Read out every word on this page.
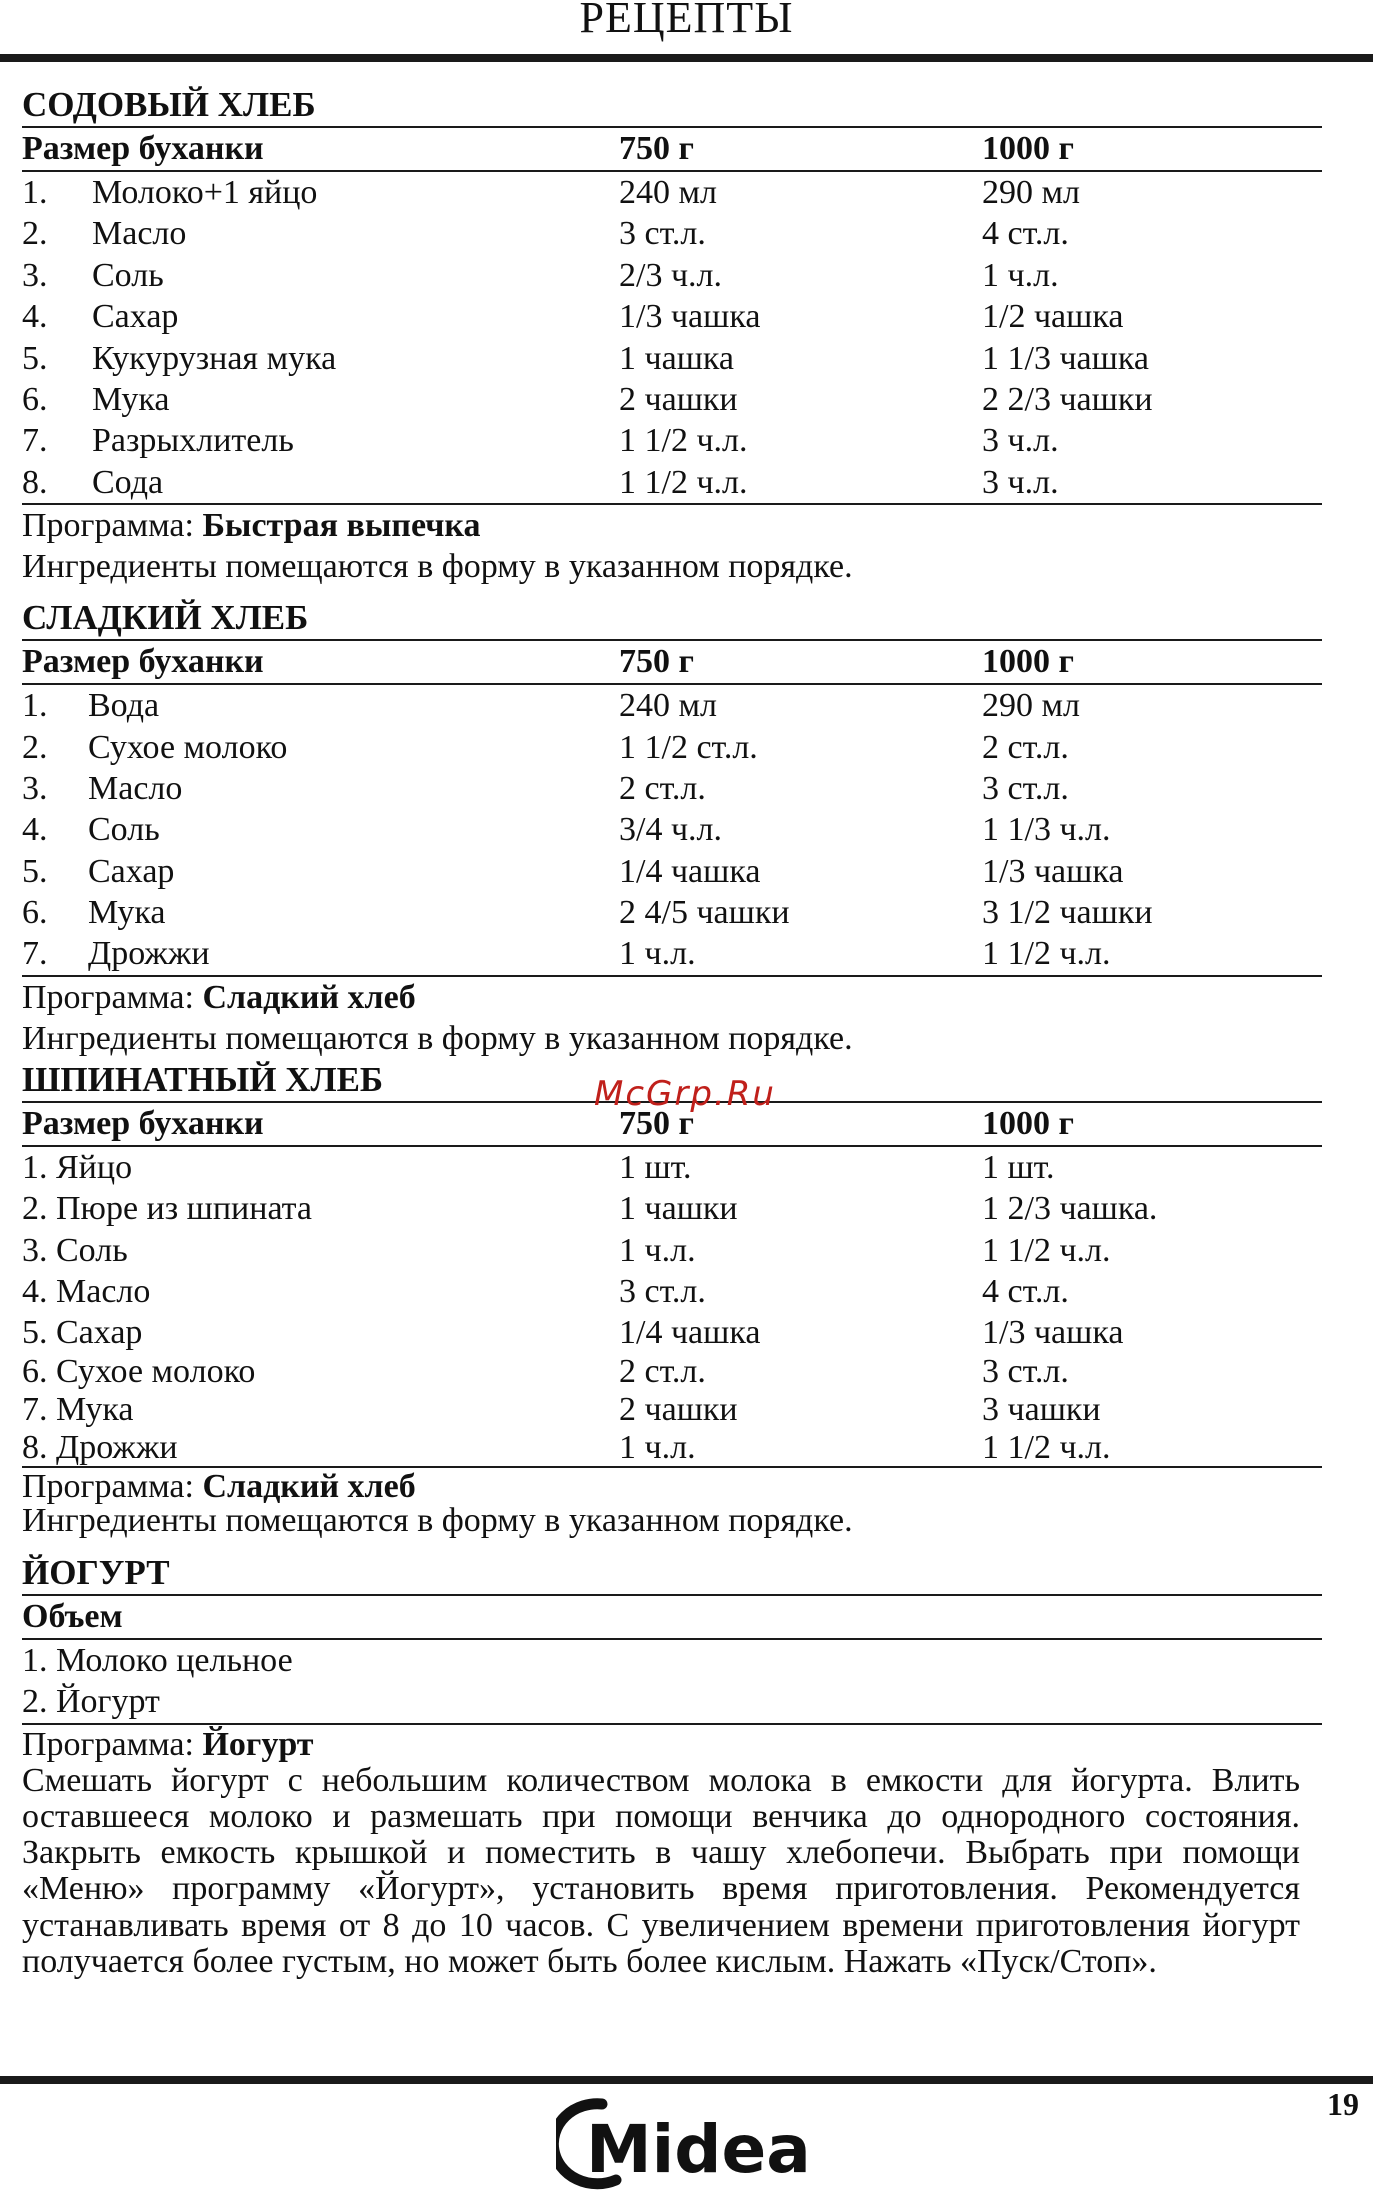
РЕЦЕПТЫ
СОДОВЫЙ ХЛЕБ
Размер буханки	750 г	1000 г
1.	Молоко+1 яйцо	240 мл	290 мл
2.	Масло	3 ст.л.	4 ст.л.
3.	Соль	2/3 ч.л.	1 ч.л.
4.	Сахар	1/3 чашка	1/2 чашка
5.	Кукурузная мука	1 чашка	1 1/3 чашка
6.	Мука	2 чашки	2 2/3 чашки
7.	Разрыхлитель	1 1/2 ч.л.	3 ч.л.
8.	Сода	1 1/2 ч.л.	3 ч.л.
Программа: Быстрая выпечка
Ингредиенты помещаются в форму в указанном порядке.
СЛАДКИЙ ХЛЕБ
Размер буханки	750 г	1000 г
1.	Вода	240 мл	290 мл
2.	Сухое молоко	1 1/2 ст.л.	2 ст.л.
3.	Масло	2 ст.л.	3 ст.л.
4.	Соль	3/4 ч.л.	1 1/3 ч.л.
5.	Сахар	1/4 чашка	1/3 чашка
6.	Мука	2 4/5 чашки	3 1/2 чашки
7.	Дрожжи	1 ч.л.	1 1/2 ч.л.
Программа: Сладкий хлеб
Ингредиенты помещаются в форму в указанном порядке.
ШПИНАТНЫЙ ХЛЕБ
Размер буханки	750 г	1000 г
1. Яйцо	1 шт.	1 шт.
2. Пюре из шпината	1 чашки	1 2/3 чашка.
3. Соль	1 ч.л.	1 1/2 ч.л.
4. Масло	3 ст.л.	4 ст.л.
5. Сахар	1/4 чашка	1/3 чашка
6. Сухое молоко	2 ст.л.	3 ст.л.
7. Мука	2 чашки	3 чашки
8. Дрожжи	1 ч.л.	1 1/2 ч.л.
Программа: Сладкий хлеб
Ингредиенты помещаются в форму в указанном порядке.
ЙОГУРТ
Объем
1. Молоко цельное
2. Йогурт
Программа: Йогурт
Смешать йогурт с небольшим количеством молока в емкости для йогурта. Влить оставшееся молоко и размешать при помощи венчика до однородного состояния. Закрыть емкость крышкой и поместить в чашу хлебопечи. Выбрать при помощи «Меню» программу «Йогурт», установить время приготовления. Рекомендуется устанавливать время от 8 до 10 часов. С увеличением времени приготовления йогурт получается более густым, но может быть более кислым. Нажать «Пуск/Стоп».
McGrp.Ru
19
Midea
